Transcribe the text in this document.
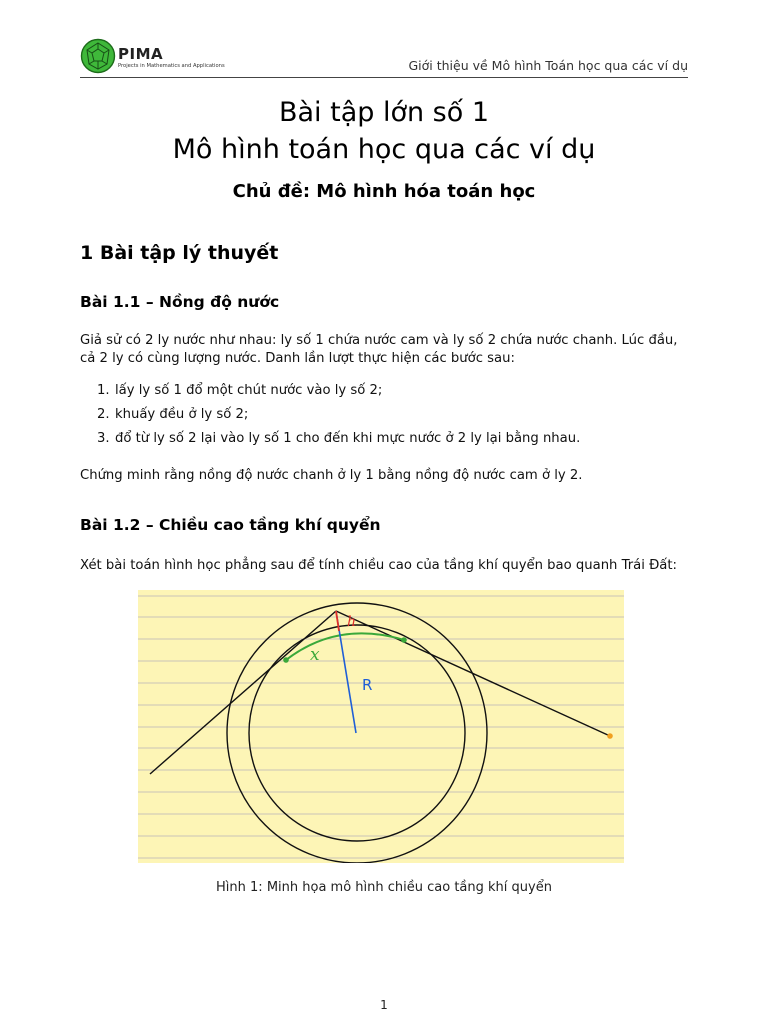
PIMA
Projects in Mathematics and Applications	Giới thiệu về Mô hình Toán học qua các ví dụ
Bài tập lớn số 1
Mô hình toán học qua các ví dụ
Chủ đề: Mô hình hóa toán học
1 Bài tập lý thuyết
Bài 1.1 – Nồng độ nước
Giả sử có 2 ly nước như nhau: ly số 1 chứa nước cam và ly số 2 chứa nước chanh. Lúc đầu, cả 2 ly có cùng lượng nước. Danh lần lượt thực hiện các bước sau:
1. lấy ly số 1 đổ một chút nước vào ly số 2;
2. khuấy đều ở ly số 2;
3. đổ từ ly số 2 lại vào ly số 1 cho đến khi mực nước ở 2 ly lại bằng nhau.
Chứng minh rằng nồng độ nước chanh ở ly 1 bằng nồng độ nước cam ở ly 2.
Bài 1.2 – Chiều cao tầng khí quyển
Xét bài toán hình học phẳng sau để tính chiều cao của tầng khí quyển bao quanh Trái Đất:
h
x
R
Hình 1: Minh họa mô hình chiều cao tầng khí quyển
1
